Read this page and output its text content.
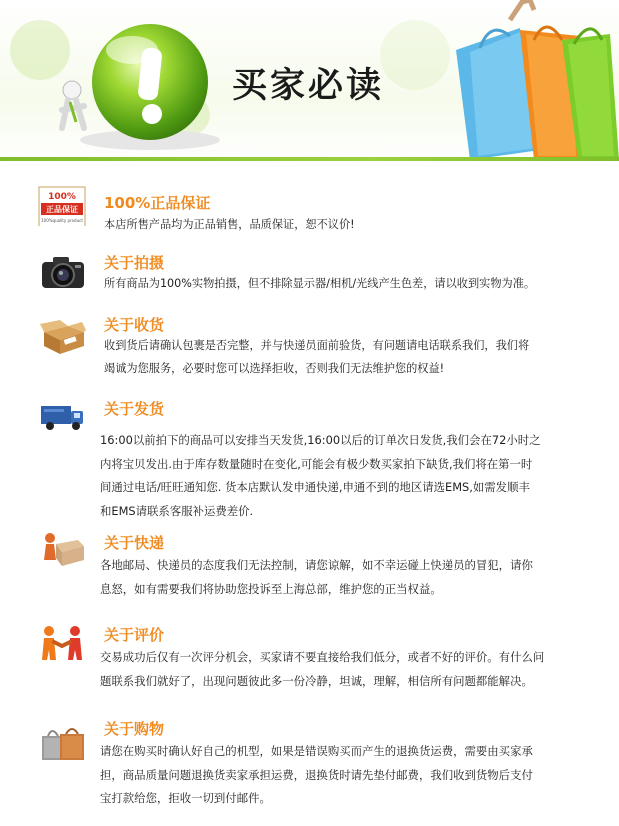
买家必读
100%
正品保证
100%quality product
100%正品保证
本店所售产品均为正品销售，品质保证，恕不议价!
关于拍摄
所有商品为100%实物拍摄，但不排除显示器/相机/光线产生色差，请以收到实物为准。
关于收货
收到货后请确认包裹是否完整，并与快递员面前验货，有问题请电话联系我们，我们将
竭诚为您服务，必要时您可以选择拒收，否则我们无法维护您的权益!
关于发货
16:00以前拍下的商品可以安排当天发货,16:00以后的订单次日发货,我们会在72小时之
内将宝贝发出.由于库存数量随时在变化,可能会有极少数买家拍下缺货,我们将在第一时
间通过电话/旺旺通知您. 货本店默认发申通快递,申通不到的地区请选EMS,如需发顺丰
和EMS请联系客服补运费差价.
关于快递
各地邮局、快递员的态度我们无法控制，请您谅解，如不幸运碰上快递员的冒犯，请你
息怒，如有需要我们将协助您投诉至上海总部，维护您的正当权益。
关于评价
交易成功后仅有一次评分机会，买家请不要直接给我们低分，或者不好的评价。有什么问
题联系我们就好了，出现问题彼此多一份冷静，坦诚，理解，相信所有问题都能解决。
关于购物
请您在购买时确认好自己的机型，如果是错误购买而产生的退换货运费，需要由买家承
担，商品质量问题退换货卖家承担运费，退换货时请先垫付邮费，我们收到货物后支付
宝打款给您，拒收一切到付邮件。
